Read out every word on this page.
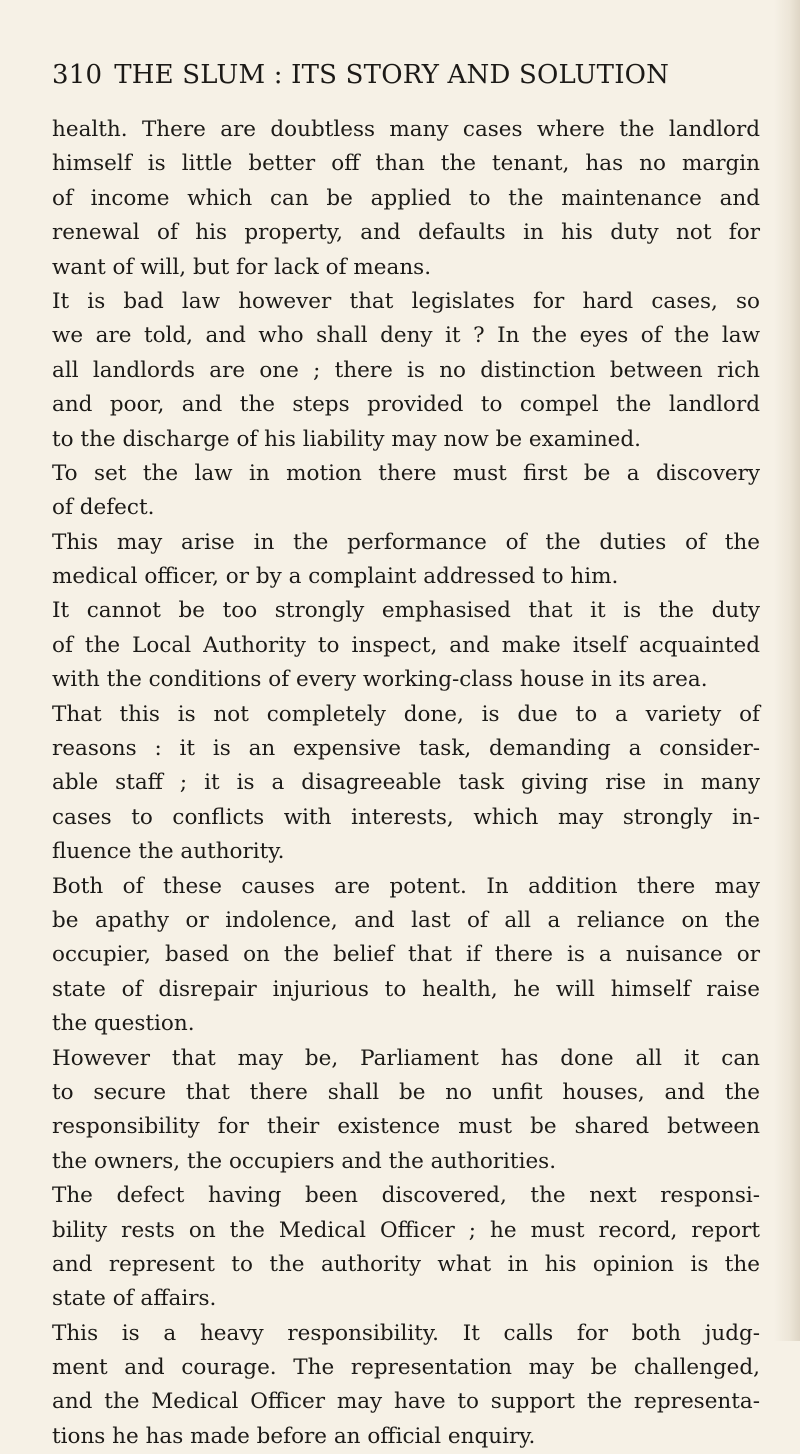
310 THE SLUM : ITS STORY AND SOLUTION
health. There are doubtless many cases where the landlord
himself is little better off than the tenant, has no margin
of income which can be applied to the maintenance and
renewal of his property, and defaults in his duty not for
want of will, but for lack of means.
It is bad law however that legislates for hard cases, so
we are told, and who shall deny it ? In the eyes of the law
all landlords are one ; there is no distinction between rich
and poor, and the steps provided to compel the landlord
to the discharge of his liability may now be examined.
To set the law in motion there must first be a discovery
of defect.
This may arise in the performance of the duties of the
medical officer, or by a complaint addressed to him.
It cannot be too strongly emphasised that it is the duty
of the Local Authority to inspect, and make itself acquainted
with the conditions of every working-class house in its area.
That this is not completely done, is due to a variety of
reasons : it is an expensive task, demanding a consider-
able staff ; it is a disagreeable task giving rise in many
cases to conflicts with interests, which may strongly in-
fluence the authority.
Both of these causes are potent. In addition there may
be apathy or indolence, and last of all a reliance on the
occupier, based on the belief that if there is a nuisance or
state of disrepair injurious to health, he will himself raise
the question.
However that may be, Parliament has done all it can
to secure that there shall be no unfit houses, and the
responsibility for their existence must be shared between
the owners, the occupiers and the authorities.
The defect having been discovered, the next responsi-
bility rests on the Medical Officer ; he must record, report
and represent to the authority what in his opinion is the
state of affairs.
This is a heavy responsibility. It calls for both judg-
ment and courage. The representation may be challenged,
and the Medical Officer may have to support the representa-
tions he has made before an official enquiry.
